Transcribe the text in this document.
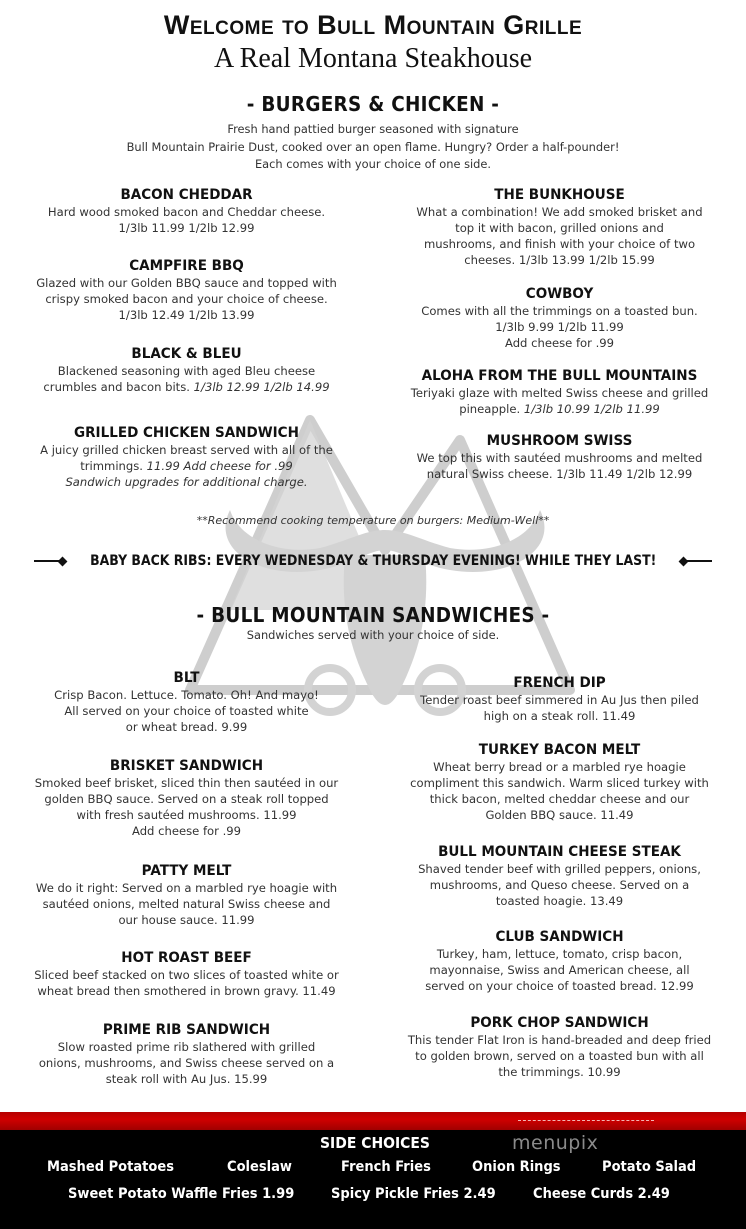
Welcome to Bull Mountain Grille
A Real Montana Steakhouse
- BURGERS & CHICKEN -
Fresh hand pattied burger seasoned with signature
Bull Mountain Prairie Dust, cooked over an open flame. Hungry? Order a half-pounder!
Each comes with your choice of one side.
BACON CHEDDAR
Hard wood smoked bacon and Cheddar cheese.
1/3lb 11.99 1/2lb 12.99
CAMPFIRE BBQ
Glazed with our Golden BBQ sauce and topped with
crispy smoked bacon and your choice of cheese.
1/3lb 12.49 1/2lb 13.99
BLACK & BLEU
Blackened seasoning with aged Bleu cheese
crumbles and bacon bits. 1/3lb 12.99 1/2lb 14.99
GRILLED CHICKEN SANDWICH
A juicy grilled chicken breast served with all of the
trimmings. 11.99 Add cheese for .99
Sandwich upgrades for additional charge.
THE BUNKHOUSE
What a combination! We add smoked brisket and
top it with bacon, grilled onions and
mushrooms, and finish with your choice of two
cheeses. 1/3lb 13.99 1/2lb 15.99
COWBOY
Comes with all the trimmings on a toasted bun.
1/3lb 9.99 1/2lb 11.99
Add cheese for .99
ALOHA FROM THE BULL MOUNTAINS
Teriyaki glaze with melted Swiss cheese and grilled
pineapple. 1/3lb 10.99 1/2lb 11.99
MUSHROOM SWISS
We top this with sautéed mushrooms and melted
natural Swiss cheese. 1/3lb 11.49 1/2lb 12.99
**Recommend cooking temperature on burgers: Medium-Well**
BABY BACK RIBS: EVERY WEDNESDAY & THURSDAY EVENING! WHILE THEY LAST!
- BULL MOUNTAIN SANDWICHES -
Sandwiches served with your choice of side.
BLT
Crisp Bacon. Lettuce. Tomato. Oh! And mayo!
All served on your choice of toasted white
or wheat bread. 9.99
BRISKET SANDWICH
Smoked beef brisket, sliced thin then sautéed in our
golden BBQ sauce. Served on a steak roll topped
with fresh sautéed mushrooms. 11.99
Add cheese for .99
PATTY MELT
We do it right: Served on a marbled rye hoagie with
sautéed onions, melted natural Swiss cheese and
our house sauce. 11.99
HOT ROAST BEEF
Sliced beef stacked on two slices of toasted white or
wheat bread then smothered in brown gravy. 11.49
PRIME RIB SANDWICH
Slow roasted prime rib slathered with grilled
onions, mushrooms, and Swiss cheese served on a
steak roll with Au Jus. 15.99
FRENCH DIP
Tender roast beef simmered in Au Jus then piled
high on a steak roll. 11.49
TURKEY BACON MELT
Wheat berry bread or a marbled rye hoagie
compliment this sandwich. Warm sliced turkey with
thick bacon, melted cheddar cheese and our
Golden BBQ sauce. 11.49
BULL MOUNTAIN CHEESE STEAK
Shaved tender beef with grilled peppers, onions,
mushrooms, and Queso cheese. Served on a
toasted hoagie. 13.49
CLUB SANDWICH
Turkey, ham, lettuce, tomato, crisp bacon,
mayonnaise, Swiss and American cheese, all
served on your choice of toasted bread. 12.99
PORK CHOP SANDWICH
This tender Flat Iron is hand-breaded and deep fried
to golden brown, served on a toasted bun with all
the trimmings. 10.99
SIDE CHOICES	menupix
Mashed Potatoes	Coleslaw	French Fries	Onion Rings	Potato Salad
Sweet Potato Waffle Fries 1.99	Spicy Pickle Fries 2.49	Cheese Curds 2.49
